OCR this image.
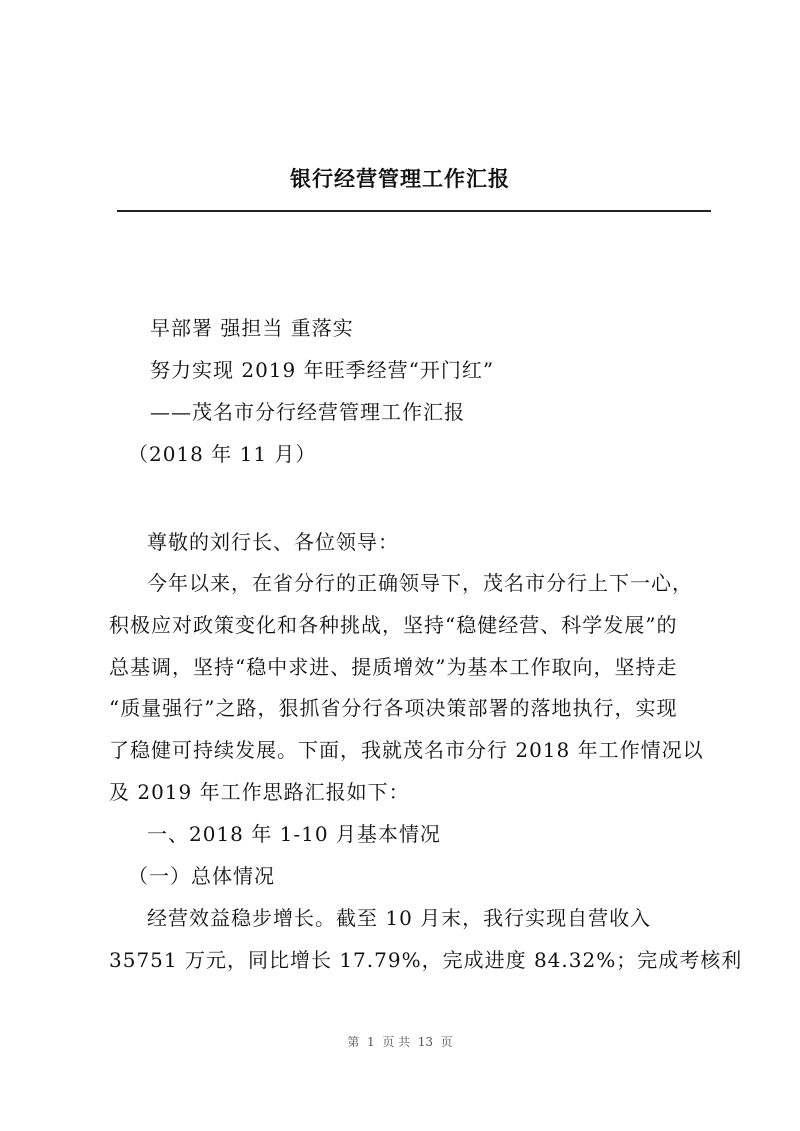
银行经营管理工作汇报
早部署 强担当 重落实
努力实现 2019 年旺季经营“开门红”
——茂名市分行经营管理工作汇报
（2018 年 11 月）
尊敬的刘行长、各位领导：
今年以来，在省分行的正确领导下，茂名市分行上下一心，
积极应对政策变化和各种挑战，坚持“稳健经营、科学发展”的
总基调，坚持“稳中求进、提质增效”为基本工作取向，坚持走
“质量强行”之路，狠抓省分行各项决策部署的落地执行，实现
了稳健可持续发展。下面，我就茂名市分行 2018 年工作情况以
及 2019 年工作思路汇报如下：
一、2018 年 1-10 月基本情况
（一）总体情况
经营效益稳步增长。截至 10 月末，我行实现自营收入
35751 万元，同比增长 17.79%，完成进度 84.32%；完成考核利
第  1  页 共  13  页
